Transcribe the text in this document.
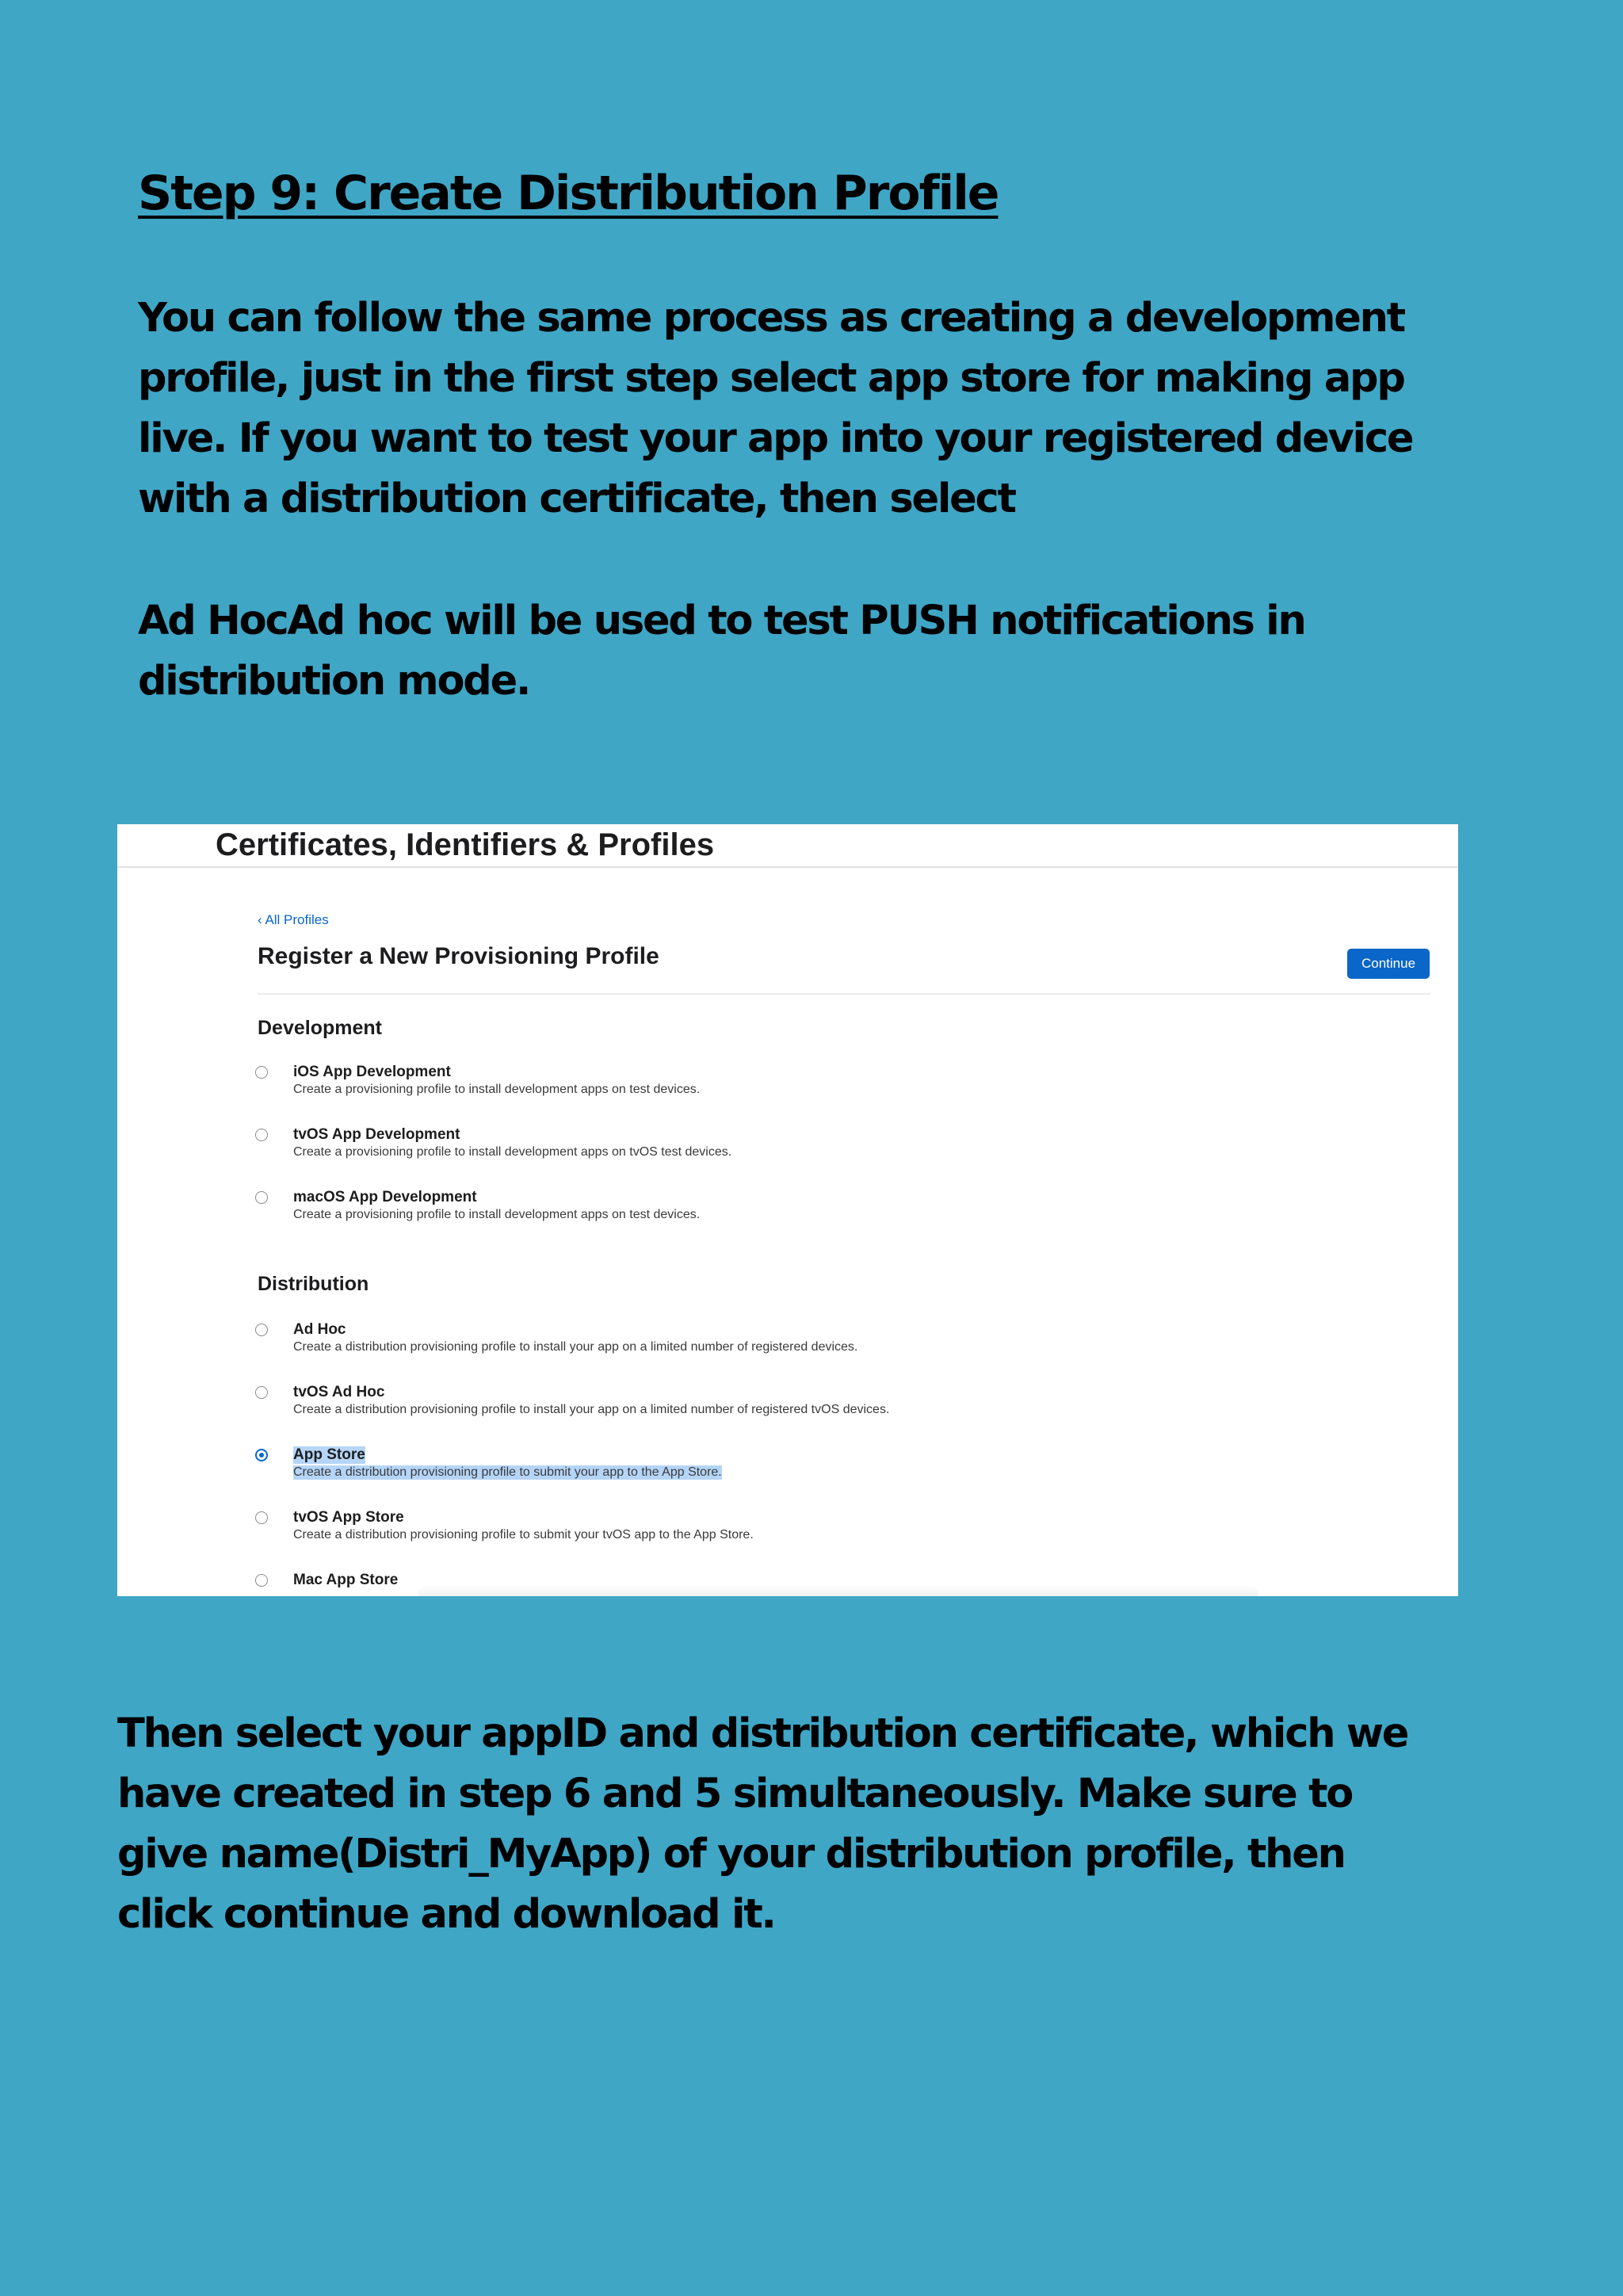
Step 9: Create Distribution Profile

You can follow the same process as creating a development profile, just in the first step select app store for making app live. If you want to test your app into your registered device with a distribution certificate, then select

Ad HocAd hoc will be used to test PUSH notifications in distribution mode.

Certificates, Identifiers & Profiles
‹ All Profiles
Register a New Provisioning Profile	Continue
Development
iOS App Development
Create a provisioning profile to install development apps on test devices.
tvOS App Development
Create a provisioning profile to install development apps on tvOS test devices.
macOS App Development
Create a provisioning profile to install development apps on test devices.
Distribution
Ad Hoc
Create a distribution provisioning profile to install your app on a limited number of registered devices.
tvOS Ad Hoc
Create a distribution provisioning profile to install your app on a limited number of registered tvOS devices.
App Store
Create a distribution provisioning profile to submit your app to the App Store.
tvOS App Store
Create a distribution provisioning profile to submit your tvOS app to the App Store.
Mac App Store

Then select your appID and distribution certificate, which we have created in step 6 and 5 simultaneously. Make sure to give name(Distri_MyApp) of your distribution profile, then click continue and download it.
